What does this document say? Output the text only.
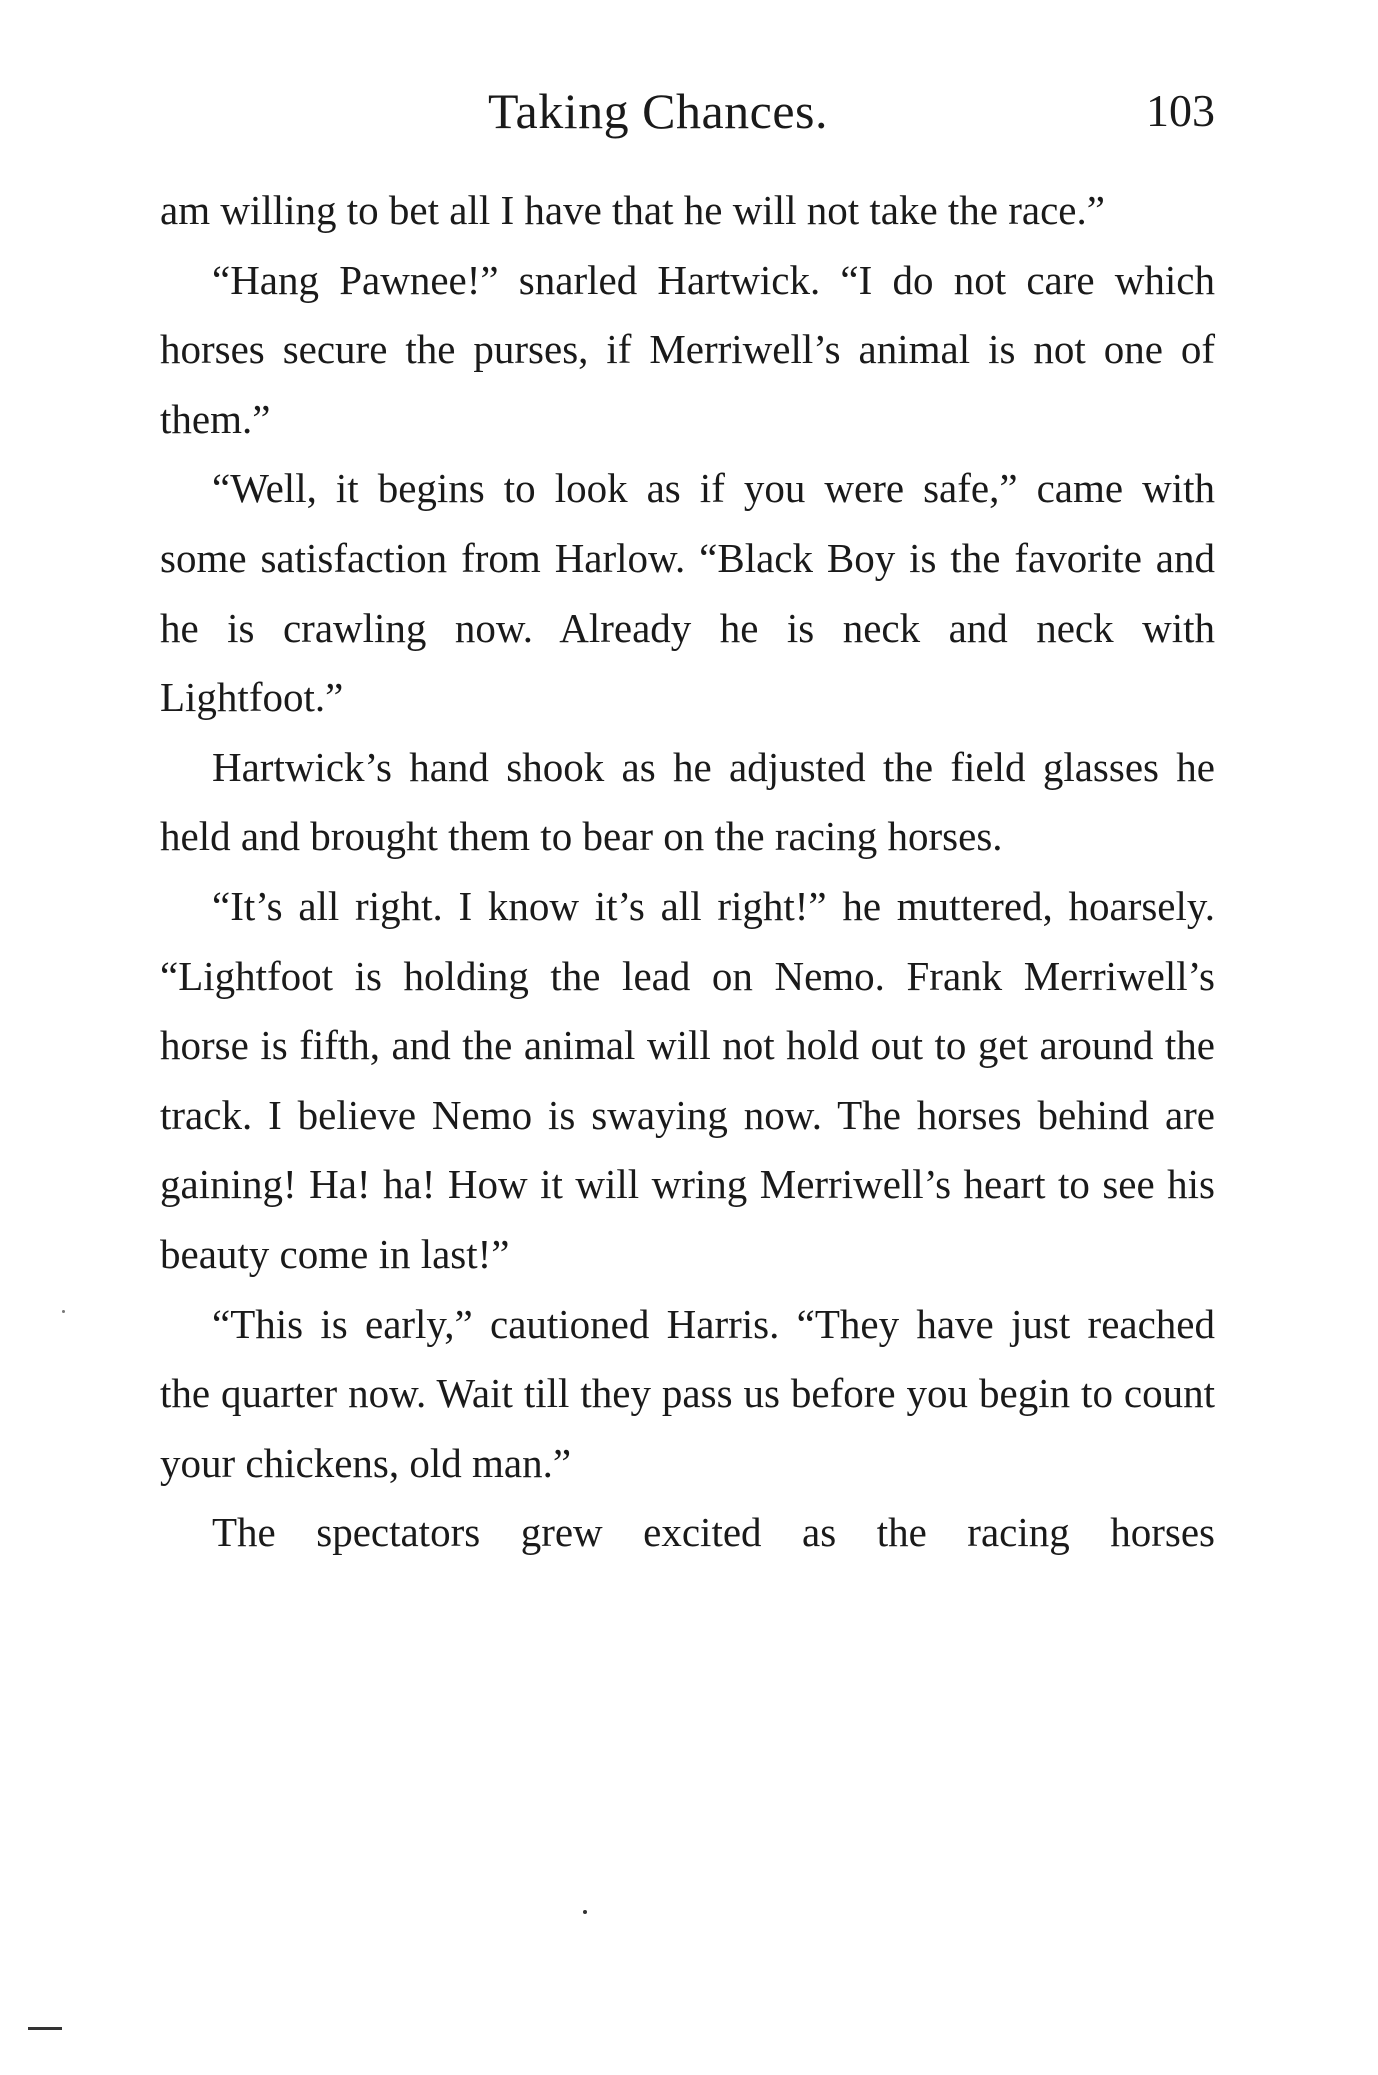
Taking Chances.	103

am willing to bet all I have that he will not take the race.”

“Hang Pawnee!” snarled Hartwick. “I do not care which horses secure the purses, if Merriwell’s animal is not one of them.”

“Well, it begins to look as if you were safe,” came with some satisfaction from Harlow. “Black Boy is the favorite and he is crawling now. Already he is neck and neck with Lightfoot.”

Hartwick’s hand shook as he adjusted the field glasses he held and brought them to bear on the racing horses.

“It’s all right. I know it’s all right!” he muttered, hoarsely. “Lightfoot is holding the lead on Nemo. Frank Merriwell’s horse is fifth, and the animal will not hold out to get around the track. I believe Nemo is swaying now. The horses behind are gaining! Ha! ha! How it will wring Merriwell’s heart to see his beauty come in last!”

“This is early,” cautioned Harris. “They have just reached the quarter now. Wait till they pass us before you begin to count your chickens, old man.”

The spectators grew excited as the racing horses
